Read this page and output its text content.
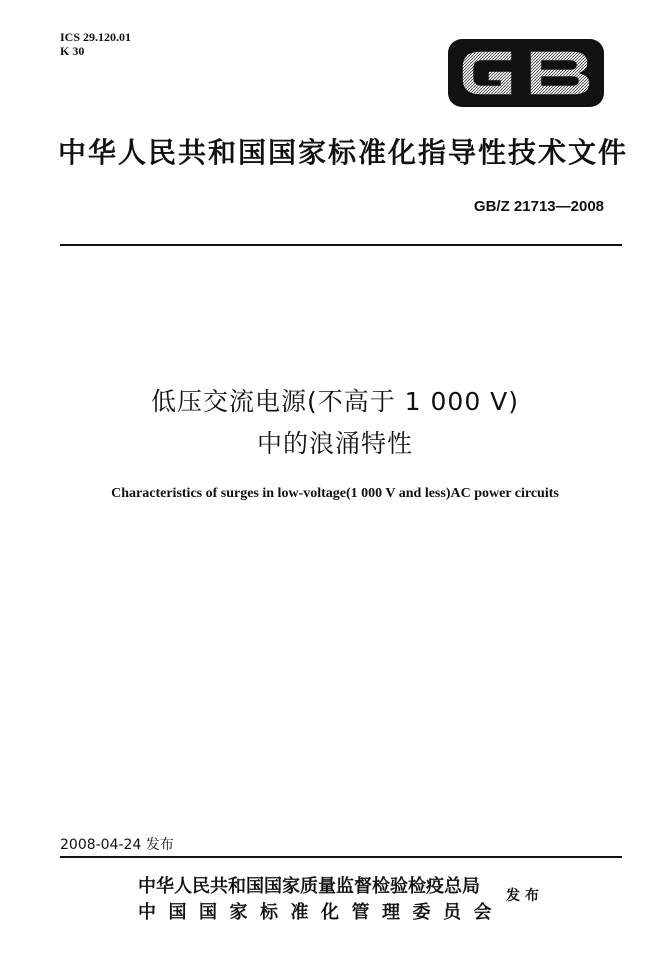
ICS 29.120.01
K 30
中华人民共和国国家标准化指导性技术文件
GB/Z 21713—2008
低压交流电源(不高于 1 000 V)
中的浪涌特性
Characteristics of surges in low-voltage(1 000 V and less)AC power circuits
2008-04-24 发布
中华人民共和国国家质量监督检验检疫总局
中国国家标准化管理委员会
发布
